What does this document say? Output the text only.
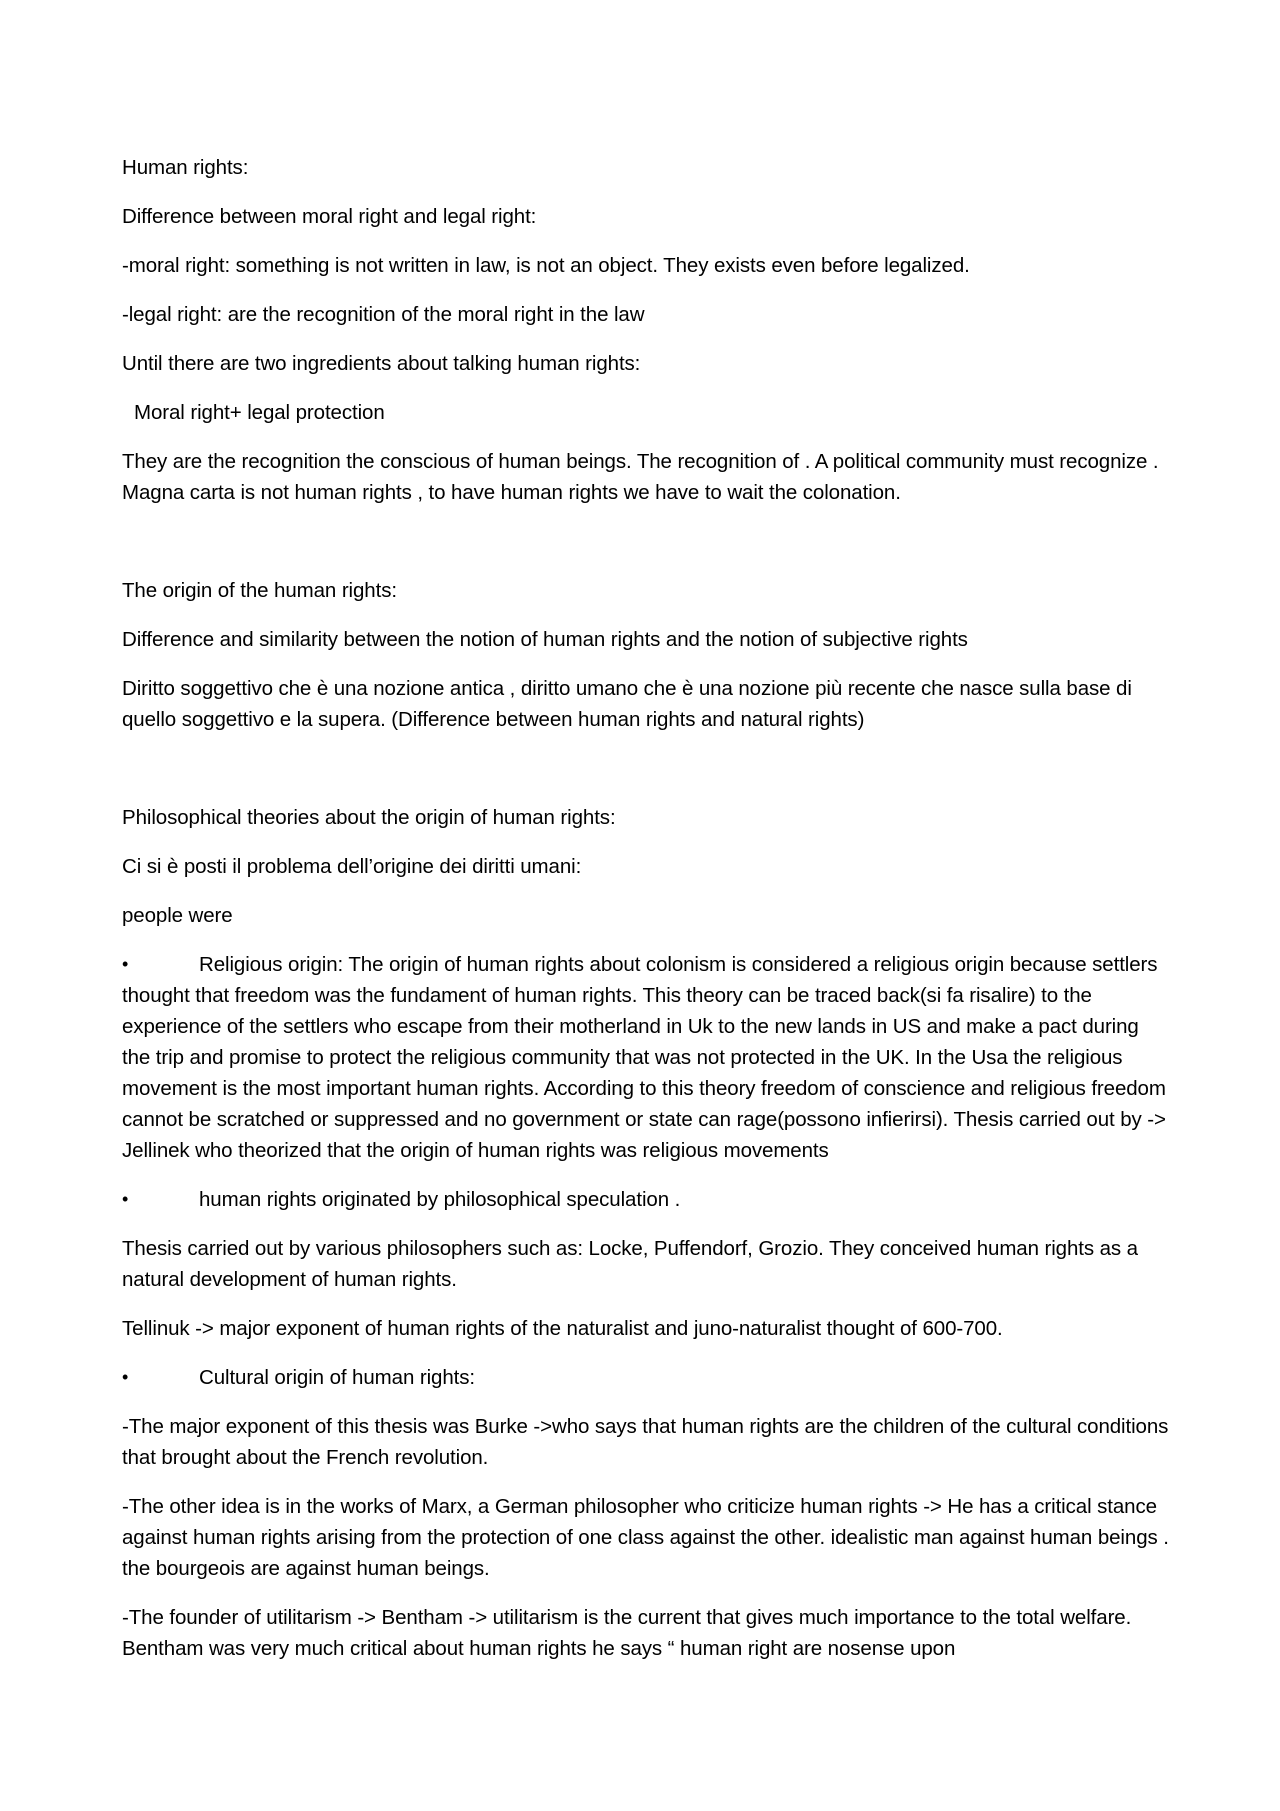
Human rights:

Difference between moral right and legal right:

-moral right: something is not written in law, is not an object. They exists even before legalized.

-legal right: are the recognition of the moral right in the law

Until there are two ingredients about talking human rights:

Moral right+ legal protection

They are the recognition the conscious of human beings. The recognition of . A political community must recognize . Magna carta is not human rights , to have human rights we have to wait the colonation.

The origin of the human rights:

Difference and similarity between the notion of human rights and the notion of subjective rights

Diritto soggettivo che è una nozione antica , diritto umano che è una nozione più recente che nasce sulla base di quello soggettivo e la supera. (Difference between human rights and natural rights)

Philosophical theories about the origin of human rights:

Ci si è posti il problema dell’origine dei diritti umani:

people were

•	Religious origin: The origin of human rights about colonism is considered a religious origin because settlers thought that freedom was the fundament of human rights. This theory can be traced back(si fa risalire) to the experience of the settlers who escape from their motherland in Uk to the new lands in US and make a pact during the trip and promise to protect the religious community that was not protected in the UK. In the Usa the religious movement is the most important human rights. According to this theory freedom of conscience and religious freedom cannot be scratched or suppressed and no government or state can rage(possono infierirsi). Thesis carried out by -> Jellinek who theorized that the origin of human rights was religious movements

•	human rights originated by philosophical speculation .

Thesis carried out by various philosophers such as: Locke, Puffendorf, Grozio. They conceived human rights as a natural development of human rights.

Tellinuk -> major exponent of human rights of the naturalist and juno-naturalist thought of 600-700.

•	Cultural origin of human rights:

-The major exponent of this thesis was Burke ->who says that human rights are the children of the cultural conditions that brought about the French revolution.

-The other idea is in the works of Marx, a German philosopher who criticize human rights -> He has a critical stance against human rights arising from the protection of one class against the other. idealistic man against human beings . the bourgeois are against human beings.

-The founder of utilitarism -> Bentham -> utilitarism is the current that gives much importance to the total welfare. Bentham was very much critical about human rights he says “ human right are nosense upon
